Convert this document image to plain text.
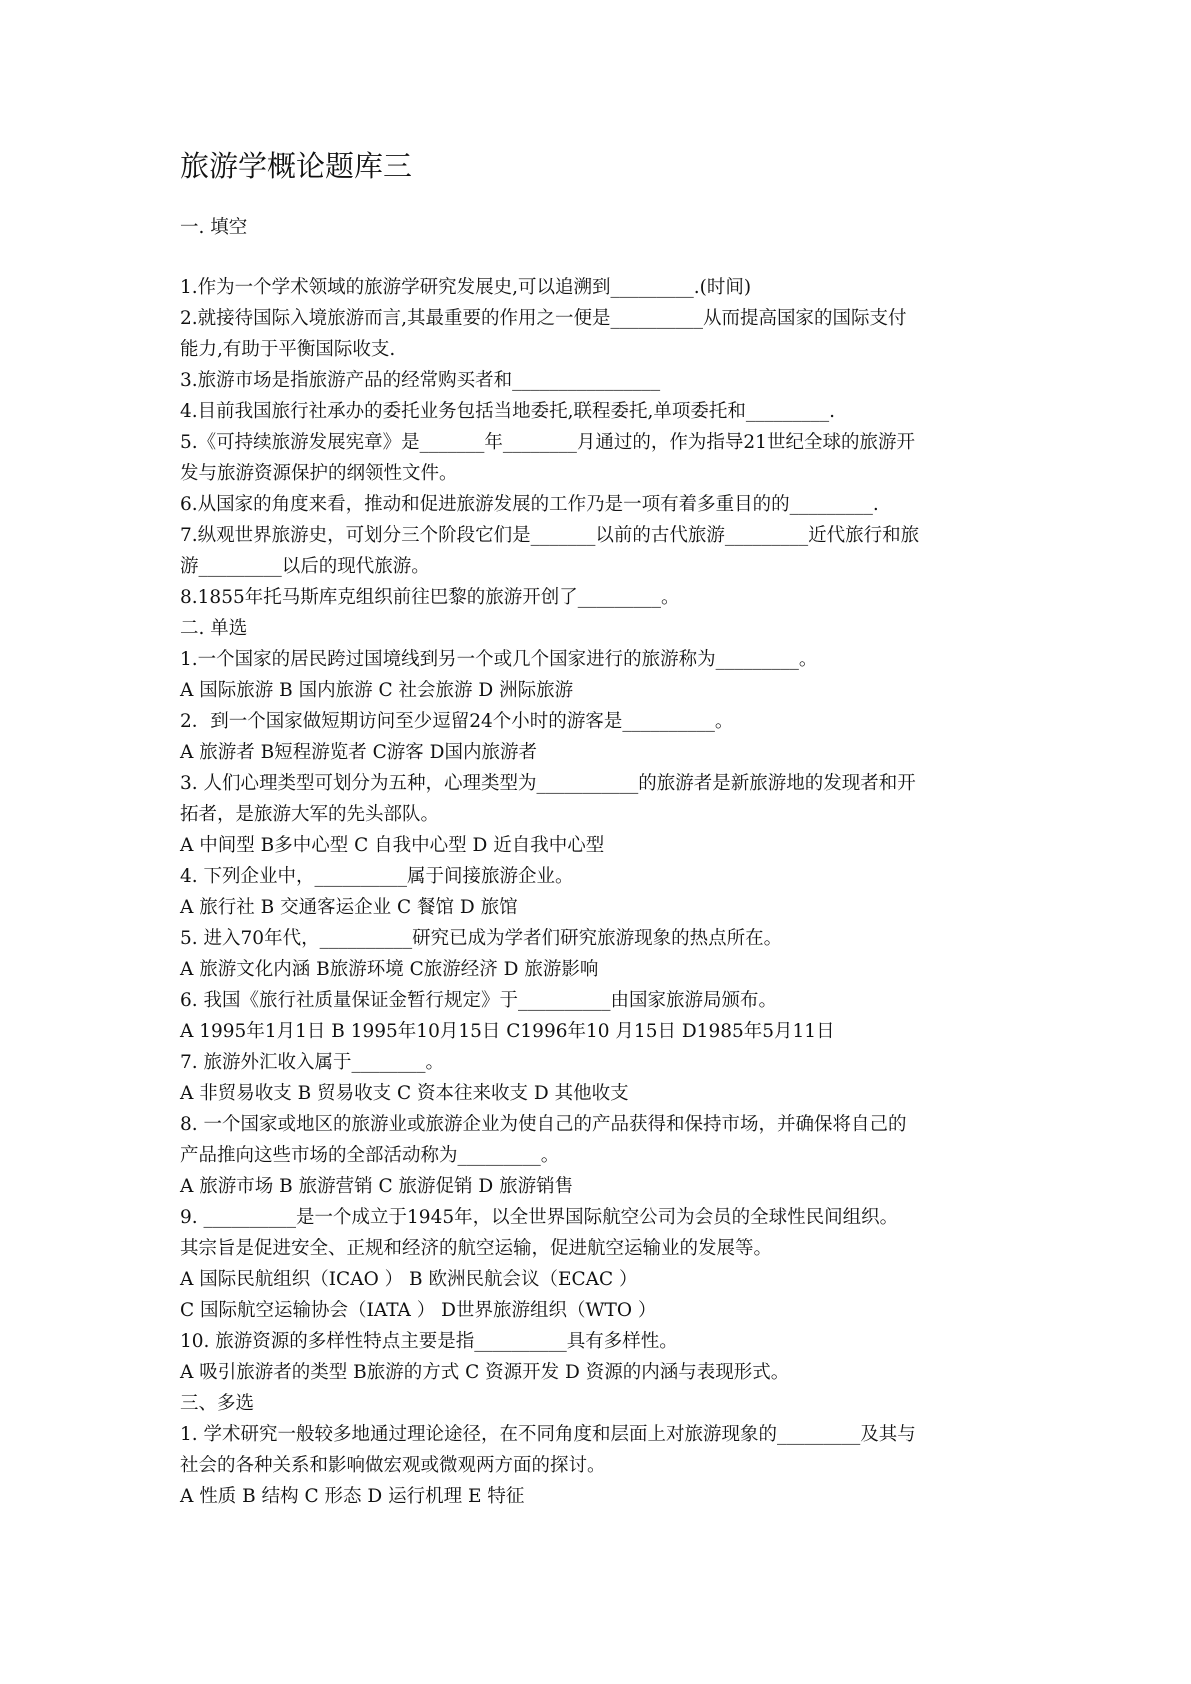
旅游学概论题库三
一. 填空
1.作为一个学术领域的旅游学研究发展史,可以追溯到_________.(时间)
2.就接待国际入境旅游而言,其最重要的作用之一便是__________从而提高国家的国际支付
能力,有助于平衡国际收支.
3.旅游市场是指旅游产品的经常购买者和________________
4.目前我国旅行社承办的委托业务包括当地委托,联程委托,单项委托和_________.
5.《可持续旅游发展宪章》是_______年________月通过的，作为指导21世纪全球的旅游开
发与旅游资源保护的纲领性文件。
6.从国家的角度来看，推动和促进旅游发展的工作乃是一项有着多重目的的_________.
7.纵观世界旅游史，可划分三个阶段它们是_______以前的古代旅游_________近代旅行和旅
游_________以后的现代旅游。
8.1855年托马斯库克组织前往巴黎的旅游开创了_________。
二. 单选
1.一个国家的居民跨过国境线到另一个或几个国家进行的旅游称为_________。
A 国际旅游 B 国内旅游 C 社会旅游 D 洲际旅游
2．到一个国家做短期访问至少逗留24个小时的游客是__________。
A 旅游者 B短程游览者 C游客 D国内旅游者
3. 人们心理类型可划分为五种，心理类型为___________的旅游者是新旅游地的发现者和开
拓者，是旅游大军的先头部队。
A 中间型 B多中心型 C 自我中心型 D 近自我中心型
4. 下列企业中，__________属于间接旅游企业。
A 旅行社 B 交通客运企业 C 餐馆 D 旅馆
5. 进入70年代，__________研究已成为学者们研究旅游现象的热点所在。
A 旅游文化内涵 B旅游环境 C旅游经济 D 旅游影响
6. 我国《旅行社质量保证金暂行规定》于__________由国家旅游局颁布。
A 1995年1月1日 B 1995年10月15日 C1996年10 月15日 D1985年5月11日
7. 旅游外汇收入属于________。
A 非贸易收支 B 贸易收支 C 资本往来收支 D 其他收支
8. 一个国家或地区的旅游业或旅游企业为使自己的产品获得和保持市场，并确保将自己的
产品推向这些市场的全部活动称为_________。
A 旅游市场 B 旅游营销 C 旅游促销 D 旅游销售
9. __________是一个成立于1945年，以全世界国际航空公司为会员的全球性民间组织。
其宗旨是促进安全、正规和经济的航空运输，促进航空运输业的发展等。
A 国际民航组织（ICAO ） B 欧洲民航会议（ECAC ）
C 国际航空运输协会（IATA ） D世界旅游组织（WTO ）
10. 旅游资源的多样性特点主要是指__________具有多样性。
A 吸引旅游者的类型 B旅游的方式 C 资源开发 D 资源的内涵与表现形式。
三、多选
1. 学术研究一般较多地通过理论途径，在不同角度和层面上对旅游现象的_________及其与
社会的各种关系和影响做宏观或微观两方面的探讨。
A 性质 B 结构 C 形态 D 运行机理 E 特征
